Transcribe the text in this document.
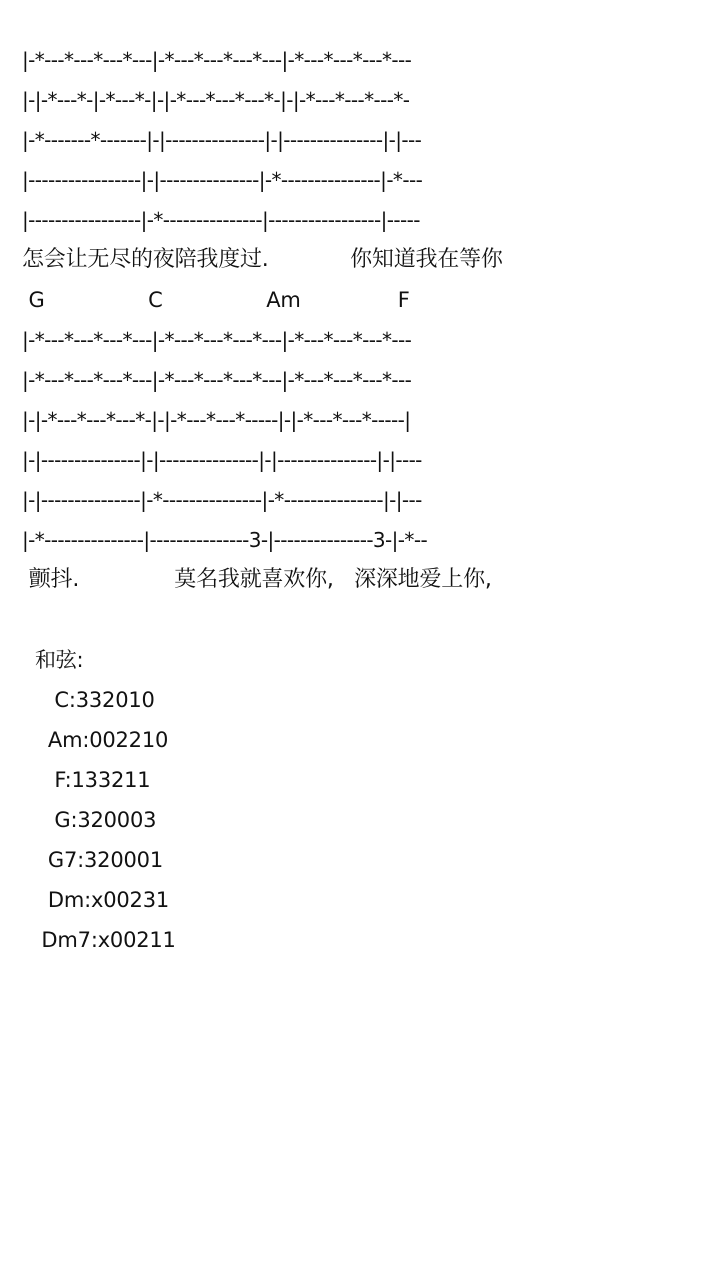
|-*---*---*---*---|-*---*---*---*---|-*---*---*---*---
|-|-*---*-|-*---*-|-|-*---*---*---*-|-|-*---*---*---*-
|-*-------*-------|-|---------------|-|---------------|-|---
|-----------------|-|---------------|-*---------------|-*---
|-----------------|-*---------------|-----------------|-----
怎会让无尽的夜陪我度过.            你知道我在等你
G                C                Am               F
|-*---*---*---*---|-*---*---*---*---|-*---*---*---*---
|-*---*---*---*---|-*---*---*---*---|-*---*---*---*---
|-|-*---*---*---*-|-|-*---*---*-----|-|-*---*---*-----|
|-|---------------|-|---------------|-|---------------|-|----
|-|---------------|-*---------------|-*---------------|-|---
|-*---------------|---------------3-|---------------3-|-*--
颤抖.              莫名我就喜欢你,   深深地爱上你,
和弦:
C:332010
Am:002210
F:133211
G:320003
G7:320001
Dm:x00231
Dm7:x00211
